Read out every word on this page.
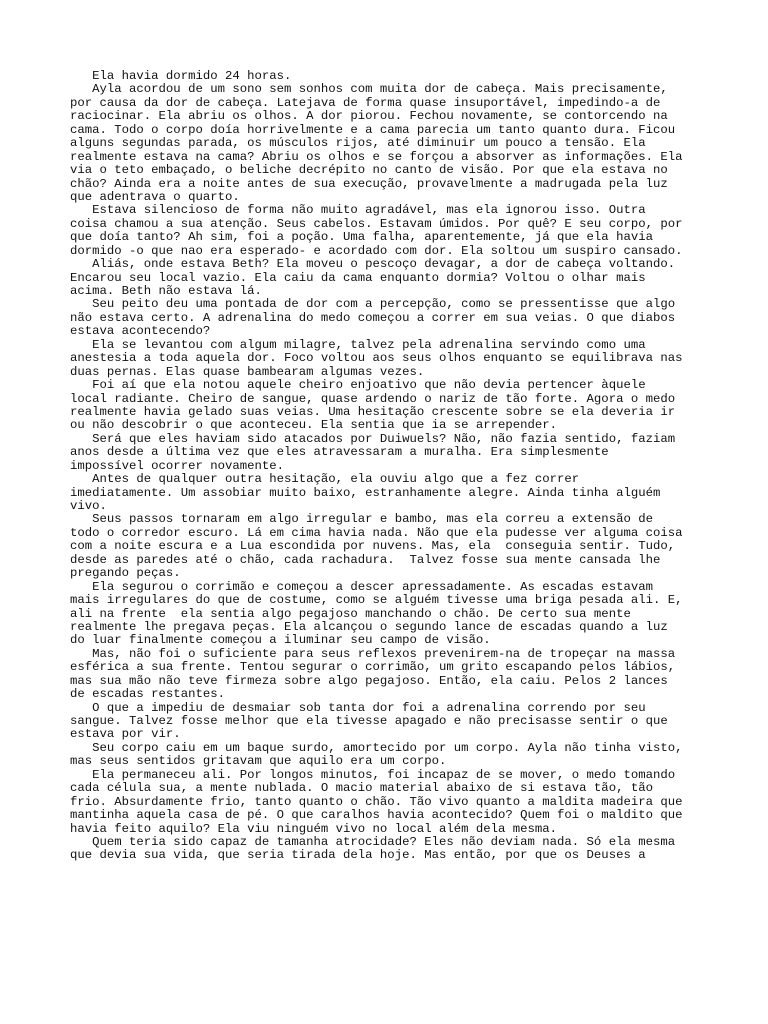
Ela havia dormido 24 horas.
Ayla acordou de um sono sem sonhos com muita dor de cabeça. Mais precisamente,
por causa da dor de cabeça. Latejava de forma quase insuportável, impedindo-a de
raciocinar. Ela abriu os olhos. A dor piorou. Fechou novamente, se contorcendo na
cama. Todo o corpo doía horrivelmente e a cama parecia um tanto quanto dura. Ficou
alguns segundas parada, os músculos rijos, até diminuir um pouco a tensão. Ela
realmente estava na cama? Abriu os olhos e se forçou a absorver as informações. Ela
via o teto embaçado, o beliche decrépito no canto de visão. Por que ela estava no
chão? Ainda era a noite antes de sua execução, provavelmente a madrugada pela luz
que adentrava o quarto.
Estava silencioso de forma não muito agradável, mas ela ignorou isso. Outra
coisa chamou a sua atenção. Seus cabelos. Estavam úmidos. Por quê? E seu corpo, por
que doía tanto? Ah sim, foi a poção. Uma falha, aparentemente, já que ela havia
dormido -o que nao era esperado- e acordado com dor. Ela soltou um suspiro cansado.
Aliás, onde estava Beth? Ela moveu o pescoço devagar, a dor de cabeça voltando.
Encarou seu local vazio. Ela caiu da cama enquanto dormia? Voltou o olhar mais
acima. Beth não estava lá.
Seu peito deu uma pontada de dor com a percepção, como se pressentisse que algo
não estava certo. A adrenalina do medo começou a correr em sua veias. O que diabos
estava acontecendo?
Ela se levantou com algum milagre, talvez pela adrenalina servindo como uma
anestesia a toda aquela dor. Foco voltou aos seus olhos enquanto se equilibrava nas
duas pernas. Elas quase bambearam algumas vezes.
Foi aí que ela notou aquele cheiro enjoativo que não devia pertencer àquele
local radiante. Cheiro de sangue, quase ardendo o nariz de tão forte. Agora o medo
realmente havia gelado suas veias. Uma hesitação crescente sobre se ela deveria ir
ou não descobrir o que aconteceu. Ela sentia que ia se arrepender.
Será que eles haviam sido atacados por Duiwuels? Não, não fazia sentido, faziam
anos desde a última vez que eles atravessaram a muralha. Era simplesmente
impossível ocorrer novamente.
Antes de qualquer outra hesitação, ela ouviu algo que a fez correr
imediatamente. Um assobiar muito baixo, estranhamente alegre. Ainda tinha alguém
vivo.
Seus passos tornaram em algo irregular e bambo, mas ela correu a extensão de
todo o corredor escuro. Lá em cima havia nada. Não que ela pudesse ver alguma coisa
com a noite escura e a Lua escondida por nuvens. Mas, ela  conseguia sentir. Tudo,
desde as paredes até o chão, cada rachadura.  Talvez fosse sua mente cansada lhe
pregando peças.
Ela segurou o corrimão e começou a descer apressadamente. As escadas estavam
mais irregulares do que de costume, como se alguém tivesse uma briga pesada ali. E,
ali na frente  ela sentia algo pegajoso manchando o chão. De certo sua mente
realmente lhe pregava peças. Ela alcançou o segundo lance de escadas quando a luz
do luar finalmente começou a iluminar seu campo de visão.
Mas, não foi o suficiente para seus reflexos prevenirem-na de tropeçar na massa
esférica a sua frente. Tentou segurar o corrimão, um grito escapando pelos lábios,
mas sua mão não teve firmeza sobre algo pegajoso. Então, ela caiu. Pelos 2 lances
de escadas restantes.
O que a impediu de desmaiar sob tanta dor foi a adrenalina correndo por seu
sangue. Talvez fosse melhor que ela tivesse apagado e não precisasse sentir o que
estava por vir.
Seu corpo caiu em um baque surdo, amortecido por um corpo. Ayla não tinha visto,
mas seus sentidos gritavam que aquilo era um corpo.
Ela permaneceu ali. Por longos minutos, foi incapaz de se mover, o medo tomando
cada célula sua, a mente nublada. O macio material abaixo de si estava tão, tão
frio. Absurdamente frio, tanto quanto o chão. Tão vivo quanto a maldita madeira que
mantinha aquela casa de pé. O que caralhos havia acontecido? Quem foi o maldito que
havia feito aquilo? Ela viu ninguém vivo no local além dela mesma.
Quem teria sido capaz de tamanha atrocidade? Eles não deviam nada. Só ela mesma
que devia sua vida, que seria tirada dela hoje. Mas então, por que os Deuses a
